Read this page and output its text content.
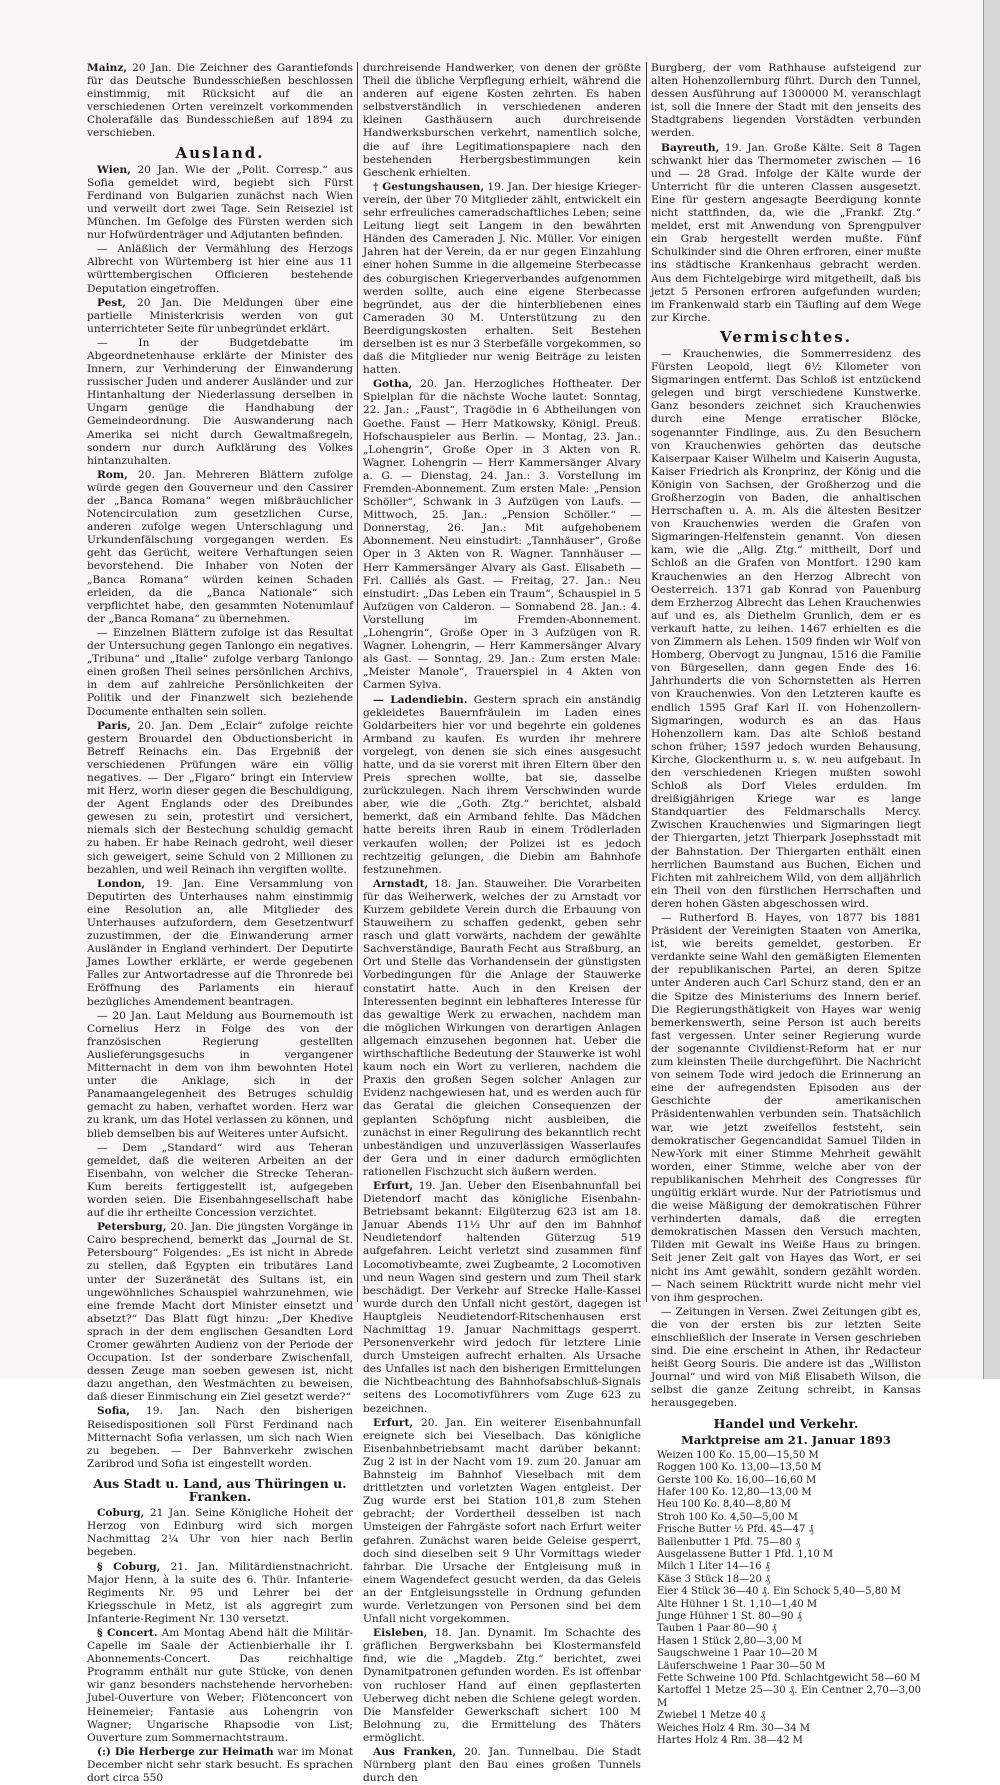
Mainz, 20 Jan. Die Zeichner des Garantiefonds für das Deutsche Bundesschießen beschlossen einstimmig, mit Rücksicht auf die an verschiedenen Orten vereinzelt vorkommenden Cholerafälle das Bundesschießen auf 1894 zu verschieben.

Ausland.

Wien, 20 Jan. Wie der „Polit. Corresp.“ aus Sofia gemeldet wird, begiebt sich Fürst Ferdinand von Bulgarien zunächst nach Wien und verweilt dort zwei Tage. Sein Reiseziel ist München. Im Gefolge des Fürsten werden sich nur Hofwürdenträger und Adjutanten befinden.

— Anläßlich der Vermählung des Herzogs Albrecht von Würtemberg ist hier eine aus 11 württembergischen Officieren bestehende Deputation eingetroffen.

Pest, 20 Jan. Die Meldungen über eine partielle Ministerkrisis werden von gut unterrichteter Seite für unbegründet erklärt.

— In der Budgetdebatte im Abgeordnetenhause erklärte der Minister des Innern, zur Verhinderung der Einwanderung russischer Juden und anderer Ausländer und zur Hintanhaltung der Niederlassung derselben in Ungarn genüge die Handhabung der Gemeindeordnung. Die Auswanderung nach Amerika sei nicht durch Gewaltmaßregeln, sondern nur durch Aufklärung des Volkes hintanzuhalten.

Rom, 20. Jan. Mehreren Blättern zufolge würde gegen den Gouverneur und den Cassirer der „Banca Romana“ wegen mißbräuchlicher Notencirculation zum gesetzlichen Curse, anderen zufolge wegen Unterschlagung und Urkundenfälschung vorgegangen werden. Es geht das Gerücht, weitere Verhaftungen seien bevorstehend. Die Inhaber von Noten der „Banca Romana“ würden keinen Schaden erleiden, da die „Banca Nationale“ sich verpflichtet habe, den gesammten Notenumlauf der „Banca Romana“ zu übernehmen.

— Einzelnen Blättern zufolge ist das Resultat der Untersuchung gegen Tanlongo ein negatives. „Tribuna“ und „Italie“ zufolge verbarg Tanlongo einen großen Theil seines persönlichen Archivs, in dem auf zahlreiche Persönlichkeiten der Politik und der Finanzwelt sich beziehende Documente enthalten sein sollen.

Paris, 20. Jan. Dem „Eclair“ zufolge reichte gestern Brouardel den Obductionsbericht in Betreff Reinachs ein. Das Ergebniß der verschiedenen Prüfungen wäre ein völlig negatives. — Der „Figaro“ bringt ein Interview mit Herz, worin dieser gegen die Beschuldigung, der Agent Englands oder des Dreibundes gewesen zu sein, protestirt und versichert, niemals sich der Bestechung schuldig gemacht zu haben. Er habe Reinach gedroht, weil dieser sich geweigert, seine Schuld von 2 Millionen zu bezahlen, und weil Reinach ihn vergiften wollte.

London, 19. Jan. Eine Versammlung von Deputirten des Unterhauses nahm einstimmig eine Resolution an, alle Mitglieder des Unterhauses aufzufordern, dem Gesetzentwurf zuzustimmen, der die Einwanderung armer Ausländer in England verhindert. Der Deputirte James Lowther erklärte, er werde gegebenen Falles zur Antwortadresse auf die Thronrede bei Eröffnung des Parlaments ein hierauf bezügliches Amendement beantragen.

— 20 Jan. Laut Meldung aus Bournemouth ist Cornelius Herz in Folge des von der französischen Regierung gestellten Auslieferungsgesuchs in vergangener Mitternacht in dem von ihm bewohnten Hotel unter die Anklage, sich in der Panamaangelegenheit des Betruges schuldig gemacht zu haben, verhaftet worden. Herz war zu krank, um das Hotel verlassen zu können, und blieb demselben bis auf Weiteres unter Aufsicht.

— Dem „Standard“ wird aus Teheran gemeldet, daß die weiteren Arbeiten an der Eisenbahn, von welcher die Strecke Teheran-Kum bereits fertiggestellt ist, aufgegeben worden seien. Die Eisenbahngesellschaft habe auf die ihr ertheilte Concession verzichtet.

Petersburg, 20. Jan. Die jüngsten Vorgänge in Cairo besprechend, bemerkt das „Journal de St. Petersbourg“ Folgendes: „Es ist nicht in Abrede zu stellen, daß Egypten ein tributäres Land unter der Suzeränetät des Sultans ist, ein ungewöhnliches Schauspiel wahrzunehmen, wie eine fremde Macht dort Minister einsetzt und absetzt?“ Das Blatt fügt hinzu: „Der Khedive sprach in der dem englischen Gesandten Lord Cromer gewährten Audienz von der Periode der Occupation. Ist der sonderbare Zwischenfall, dessen Zeuge man soeben gewesen ist, nicht dazu angethan, den Westmächten zu beweisen, daß dieser Einmischung ein Ziel gesetzt werde?“

Sofia, 19. Jan. Nach den bisherigen Reisedispositionen soll Fürst Ferdinand nach Mitternacht Sofia verlassen, um sich nach Wien zu begeben. — Der Bahnverkehr zwischen Zaribrod und Sofia ist eingestellt worden.

Aus Stadt u. Land, aus Thüringen u. Franken.

Coburg, 21 Jan. Seine Königliche Hoheit der Herzog von Edinburg wird sich morgen Nachmittag 2¼ Uhr von hier nach Berlin begeben.

§ Coburg, 21. Jan. Militärdienstnachricht. Major Henn, à la suite des 6. Thür. Infanterie-Regiments Nr. 95 und Lehrer bei der Kriegsschule in Metz, ist als aggregirt zum Infanterie-Regiment Nr. 130 versetzt.

§ Concert. Am Montag Abend hält die Militär-Capelle im Saale der Actienbierhalle ihr I. Abonnements-Concert. Das reichhaltige Programm enthält nur gute Stücke, von denen wir ganz besonders nachstehende hervorheben: Jubel-Ouverture von Weber; Flötenconcert von Heinemeier; Fantasie aus Lohengrin von Wagner; Ungarische Rhapsodie von List; Ouverture zum Sommernachtstraum.

(:) Die Herberge zur Heimath war im Monat December nicht sehr stark besucht. Es sprachen dort circa 550

durchreisende Handwerker, von denen der größte Theil die übliche Verpflegung erhielt, während die anderen auf eigene Kosten zehrten. Es haben selbstverständlich in verschiedenen anderen kleinen Gasthäusern auch durchreisende Handwerksburschen verkehrt, namentlich solche, die auf ihre Legitimationspapiere nach den bestehenden Herbergsbestimmungen kein Geschenk erhielten.

† Gestungshausen, 19. Jan. Der hiesige Krieger-verein, der über 70 Mitglieder zählt, entwickelt ein sehr erfreuliches cameradschaftliches Leben; seine Leitung liegt seit Langem in den bewährten Händen des Cameraden J. Nic. Müller. Vor einigen Jahren hat der Verein, da er nur gegen Einzahlung einer hohen Summe in die allgemeine Sterbecasse des coburgischen Kriegerverbandes aufgenommen werden sollte, auch eine eigene Sterbecasse begründet, aus der die hinterbliebenen eines Cameraden 30 M. Unterstützung zu den Beerdigungskosten erhalten. Seit Bestehen derselben ist es nur 3 Sterbefälle vorgekommen, so daß die Mitglieder nur wenig Beiträge zu leisten hatten.

Gotha, 20. Jan. Herzogliches Hoftheater. Der Spielplan für die nächste Woche lautet: Sonntag, 22. Jan.: „Faust“, Tragödie in 6 Abtheilungen von Goethe. Faust — Herr Matkowsky, Königl. Preuß. Hofschauspieler aus Berlin. — Montag, 23. Jan.: „Lohengrin“, Große Oper in 3 Akten von R. Wagner. Lohengrin — Herr Kammersänger Alvary a. G. — Dienstag, 24. Jan.: 3. Vorstellung im Fremden-Abonnement. Zum ersten Male: „Pension Schöller“, Schwank in 3 Aufzügen von Laufs. — Mittwoch, 25. Jan.: „Pension Schöller.“ — Donnerstag, 26. Jan.: Mit aufgehobenem Abonnement. Neu einstudirt: „Tannhäuser“, Große Oper in 3 Akten von R. Wagner. Tannhäuser — Herr Kammersänger Alvary als Gast. Elisabeth — Frl. Calliés als Gast. — Freitag, 27. Jan.: Neu einstudirt: „Das Leben ein Traum“, Schauspiel in 5 Aufzügen von Calderon. — Sonnabend 28. Jan.: 4. Vorstellung im Fremden-Abonnement. „Lohengrin“, Große Oper in 3 Aufzügen von R. Wagner. Lohengrin, — Herr Kammersänger Alvary als Gast. — Sonntag, 29. Jan.: Zum ersten Male: „Meister Manole“, Trauerspiel in 4 Akten von Carmen Sylva.

— Ladendiebin. Gestern sprach ein anständig gekleidetes Bauernfräulein im Laden eines Goldarbeiters hier vor und begehrte ein goldenes Armband zu kaufen. Es wurden ihr mehrere vorgelegt, von denen sie sich eines ausgesucht hatte, und da sie vorerst mit ihren Eltern über den Preis sprechen wollte, bat sie, dasselbe zurückzulegen. Nach ihrem Verschwinden wurde aber, wie die „Goth. Ztg.“ berichtet, alsbald bemerkt, daß ein Armband fehlte. Das Mädchen hatte bereits ihren Raub in einem Trödlerladen verkaufen wollen; der Polizei ist es jedoch rechtzeitig gelungen, die Diebin am Bahnhofe festzunehmen.

Arnstadt, 18. Jan. Stauweiher. Die Vorarbeiten für das Weiherwerk, welches der zu Arnstadt vor Kurzem gebildete Verein durch die Erbauung von Stauweihern zu schaffen gedenkt, geben sehr rasch und glatt vorwärts, nachdem der gewählte Sachverständige, Baurath Fecht aus Straßburg, an Ort und Stelle das Vorhandensein der günstigsten Vorbedingungen für die Anlage der Stauwerke constatirt hatte. Auch in den Kreisen der Interessenten beginnt ein lebhafteres Interesse für das gewaltige Werk zu erwachen, nachdem man die möglichen Wirkungen von derartigen Anlagen allgemach einzusehen begonnen hat. Ueber die wirthschaftliche Bedeutung der Stauwerke ist wohl kaum noch ein Wort zu verlieren, nachdem die Praxis den großen Segen solcher Anlagen zur Evidenz nachgewiesen hat, und es werden auch für das Geratal die gleichen Consequenzen der geplanten Schöpfung nicht ausbleiben, die zunächst in einer Regulirung des bekanntlich recht unbeständigen und unzuverlässigen Wasserlaufes der Gera und in einer dadurch ermöglichten rationellen Fischzucht sich äußern werden.

Erfurt, 19. Jan. Ueber den Eisenbahnunfall bei Dietendorf macht das königliche Eisenbahn-Betriebsamt bekannt: Eilgüterzug 623 ist am 18. Januar Abends 11⅓ Uhr auf den im Bahnhof Neudietendorf haltenden Güterzug 519 aufgefahren. Leicht verletzt sind zusammen fünf Locomotivbeamte, zwei Zugbeamte, 2 Locomotiven und neun Wagen sind gestern und zum Theil stark beschädigt. Der Verkehr auf Strecke Halle-Kassel wurde durch den Unfall nicht gestört, dagegen ist Hauptgleis Neudietendorf-Ritschenhausen erst Nachmittag 19. Januar Nachmittags gesperrt. Personenverkehr wird jedoch für letztere Linie durch Umsteigen aufrecht erhalten. Als Ursache des Unfalles ist nach den bisherigen Ermittelungen die Nichtbeachtung des Bahnhofsabschluß-Signals seitens des Locomotivführers vom Zuge 623 zu bezeichnen.

Erfurt, 20. Jan. Ein weiterer Eisenbahnunfall ereignete sich bei Vieselbach. Das königliche Eisenbahnbetriebsamt macht darüber bekannt: Zug 2 ist in der Nacht vom 19. zum 20. Januar am Bahnsteig im Bahnhof Vieselbach mit dem drittletzten und vorletzten Wagen entgleist. Der Zug wurde erst bei Station 101,8 zum Stehen gebracht; der Vordertheil desselben ist nach Umsteigen der Fahrgäste sofort nach Erfurt weiter gefahren. Zunächst waren beide Geleise gesperrt, doch sind dieselben seit 9 Uhr Vormittags wieder fahrbar. Die Ursache der Entgleisung muß in einem Wagendefect gesucht werden, da das Geleis an der Entgleisungsstelle in Ordnung gefunden wurde. Verletzungen von Personen sind bei dem Unfall nicht vorgekommen.

Eisleben, 18. Jan. Dynamit. Im Schachte des gräflichen Bergwerksbahn bei Klostermansfeld find, wie die „Magdeb. Ztg.“ berichtet, zwei Dynamitpatronen gefunden worden. Es ist offenbar von ruchloser Hand auf einen gepflasterten Ueberweg dicht neben die Schiene gelegt worden. Die Mansfelder Gewerkschaft sichert 100 M Belohnung zu, die Ermittelung des Thäters ermöglicht.

Aus Franken, 20. Jan. Tunnelbau. Die Stadt Nürnberg plant den Bau eines großen Tunnels durch den

Burgberg, der vom Rathhause aufsteigend zur alten Hohenzollernburg führt. Durch den Tunnel, dessen Ausführung auf 1300000 M. veranschlagt ist, soll die Innere der Stadt mit den jenseits des Stadtgrabens liegenden Vorstädten verbunden werden.

Bayreuth, 19. Jan. Große Kälte. Seit 8 Tagen schwankt hier das Thermometer zwischen — 16 und — 28 Grad. Infolge der Kälte wurde der Unterricht für die unteren Classen ausgesetzt. Eine für gestern angesagte Beerdigung konnte nicht stattfinden, da, wie die „Frankf. Ztg.“ meldet, erst mit Anwendung von Sprengpulver ein Grab hergestellt werden mußte. Fünf Schulkinder sind die Ohren erfroren, einer mußte ins städtische Krankenhaus gebracht werden. Aus dem Fichtelgebirge wird mitgetheilt, daß bis jetzt 5 Personen erfroren aufgefunden wurden; im Frankenwald starb ein Täufling auf dem Wege zur Kirche.

Vermischtes.

— Krauchenwies, die Sommerresidenz des Fürsten Leopold, liegt 6½ Kilometer von Sigmaringen entfernt. Das Schloß ist entzückend gelegen und birgt verschiedene Kunstwerke. Ganz besonders zeichnet sich Krauchenwies durch eine Menge erratischer Blöcke, sogenannter Findlinge, aus. Zu den Besuchern von Krauchenwies gehörten das deutsche Kaiserpaar Kaiser Wilhelm und Kaiserin Augusta, Kaiser Friedrich als Kronprinz, der König und die Königin von Sachsen, der Großherzog und die Großherzogin von Baden, die anhaltischen Herrschaften u. A. m. Als die ältesten Besitzer von Krauchenwies werden die Grafen von Sigmaringen-Helfenstein genannt. Von diesen kam, wie die „Allg. Ztg.“ mittheilt, Dorf und Schloß an die Grafen von Montfort. 1290 kam Krauchenwies an den Herzog Albrecht von Oesterreich. 1371 gab Konrad von Pauenburg dem Erzherzog Albrecht das Lehen Krauchenwies auf und es, als Diethelm Grunlich, dem er es verkauft hatte, zu leihen. 1467 erhielten es die von Zimmern als Lehen. 1509 finden wir Wolf von Homberg, Obervogt zu Jungnau, 1516 die Familie von Bürgesellen, dann gegen Ende des 16. Jahrhunderts die von Schornstetten als Herren von Krauchenwies. Von den Letzteren kaufte es endlich 1595 Graf Karl II. von Hohenzollern-Sigmaringen, wodurch es an das Haus Hohenzollern kam. Das alte Schloß bestand schon früher; 1597 jedoch wurden Behausung, Kirche, Glockenthurm u. s. w. neu aufgebaut. In den verschiedenen Kriegen mußten sowohl Schloß als Dorf Vieles erdulden. Im dreißigjährigen Kriege war es lange Standquartier des Feldmarschalls Mercy. Zwischen Krauchenwies und Sigmaringen liegt der Thiergarten, jetzt Thierpark Josephsstadt mit der Bahnstation. Der Thiergarten enthält einen herrlichen Baumstand aus Buchen, Eichen und Fichten mit zahlreichem Wild, von dem alljährlich ein Theil von den fürstlichen Herrschaften und deren hohen Gästen abgeschossen wird.

— Rutherford B. Hayes, von 1877 bis 1881 Präsident der Vereinigten Staaten von Amerika, ist, wie bereits gemeldet, gestorben. Er verdankte seine Wahl den gemäßigten Elementen der republikanischen Partei, an deren Spitze unter Anderen auch Carl Schurz stand, den er an die Spitze des Ministeriums des Innern berief. Die Regierungsthätigkeit von Hayes war wenig bemerkenswerth, seine Person ist auch bereits fast vergessen. Unter seiner Regierung wurde der sogenannte Civildienst-Reform hat er nur zum kleinsten Theile durchgeführt. Die Nachricht von seinem Tode wird jedoch die Erinnerung an eine der aufregendsten Episoden aus der Geschichte der amerikanischen Präsidentenwahlen verbunden sein. Thatsächlich war, wie jetzt zweifellos feststeht, sein demokratischer Gegencandidat Samuel Tilden in New-York mit einer Stimme Mehrheit gewählt worden, einer Stimme, welche aber von der republikanischen Mehrheit des Congresses für ungültig erklärt wurde. Nur der Patriotismus und die weise Mäßigung der demokratischen Führer verhinderten damals, daß die erregten demokratischen Massen den Versuch machten, Tilden mit Gewalt ins Weiße Haus zu bringen. Seit jener Zeit galt von Hayes das Wort, er sei nicht ins Amt gewählt, sondern gezählt worden. — Nach seinem Rücktritt wurde nicht mehr viel von ihm gesprochen.

— Zeitungen in Versen. Zwei Zeitungen gibt es, die von der ersten bis zur letzten Seite einschließlich der Inserate in Versen geschrieben sind. Die eine erscheint in Athen, ihr Redacteur heißt Georg Souris. Die andere ist das „Williston Journal“ und wird von Miß Elisabeth Wilson, die selbst die ganze Zeitung schreibt, in Kansas herausgegeben.

Handel und Verkehr.
Marktpreise am 21. Januar 1893
Weizen 100 Ko. 15,00—15,50 M
Roggen 100 Ko. 13,00—13,50 M
Gerste 100 Ko. 16,00—16,60 M
Hafer 100 Ko. 12,80—13,00 M
Heu 100 Ko. 8,40—8,80 M
Stroh 100 Ko. 4,50—5,00 M
Frische Butter ½ Pfd. 45—47 ₰
Ballenbutter 1 Pfd. 75—80 ₰
Ausgelassene Butter 1 Pfd. 1,10 M
Milch 1 Liter 14—16 ₰
Käse 3 Stück 18—20 ₰
Eier 4 Stück 36—40 ₰. Ein Schock 5,40—5,80 M
Alte Hühner 1 St. 1,10—1,40 M
Junge Hühner 1 St. 80—90 ₰
Tauben 1 Paar 80—90 ₰
Hasen 1 Stück 2,80—3,00 M
Saugschweine 1 Paar 10—20 M
Läuferschweine 1 Paar 30—50 M
Fette Schweine 100 Pfd. Schlachtgewicht 58—60 M
Kartoffel 1 Metze 25—30 ₰. Ein Centner 2,70—3,00 M
Zwiebel 1 Metze 40 ₰
Weiches Holz 4 Rm. 30—34 M
Hartes Holz 4 Rm. 38—42 M
